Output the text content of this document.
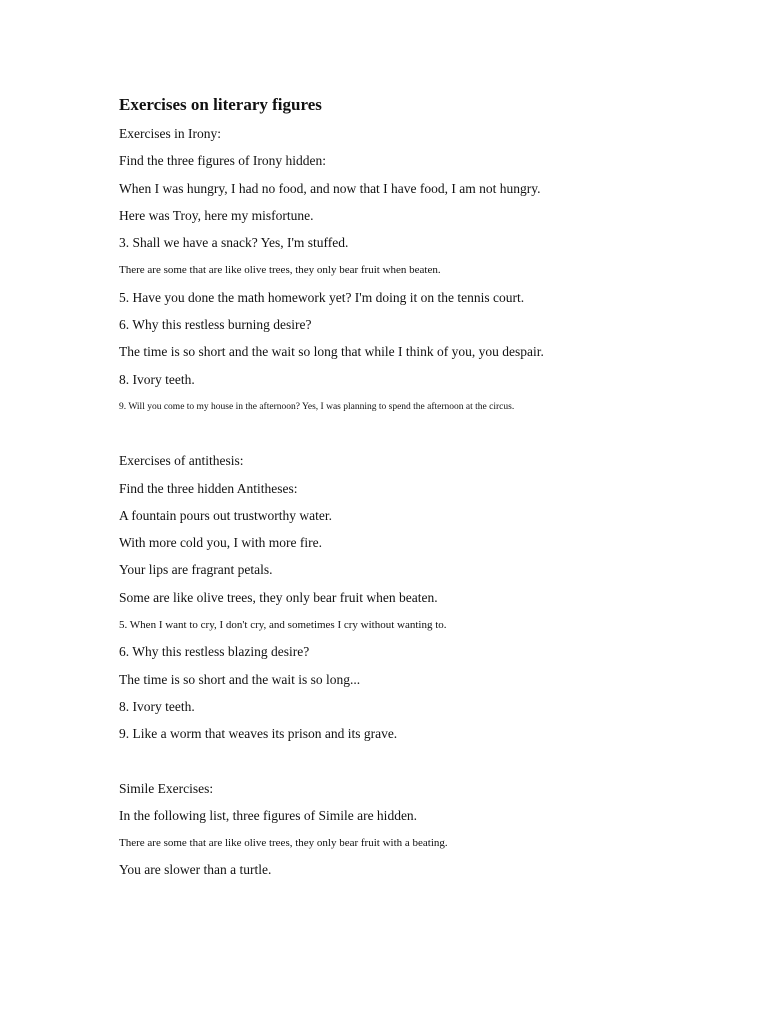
Exercises on literary figures
Exercises in Irony:
Find the three figures of Irony hidden:
When I was hungry, I had no food, and now that I have food, I am not hungry.
Here was Troy, here my misfortune.
3. Shall we have a snack? Yes, I'm stuffed.
There are some that are like olive trees, they only bear fruit when beaten.
5. Have you done the math homework yet? I'm doing it on the tennis court.
6. Why this restless burning desire?
The time is so short and the wait so long that while I think of you, you despair.
8. Ivory teeth.
9. Will you come to my house in the afternoon? Yes, I was planning to spend the afternoon at the circus.
Exercises of antithesis:
Find the three hidden Antitheses:
A fountain pours out trustworthy water.
With more cold you, I with more fire.
Your lips are fragrant petals.
Some are like olive trees, they only bear fruit when beaten.
5. When I want to cry, I don't cry, and sometimes I cry without wanting to.
6. Why this restless blazing desire?
The time is so short and the wait is so long...
8. Ivory teeth.
9. Like a worm that weaves its prison and its grave.
Simile Exercises:
In the following list, three figures of Simile are hidden.
There are some that are like olive trees, they only bear fruit with a beating.
You are slower than a turtle.
